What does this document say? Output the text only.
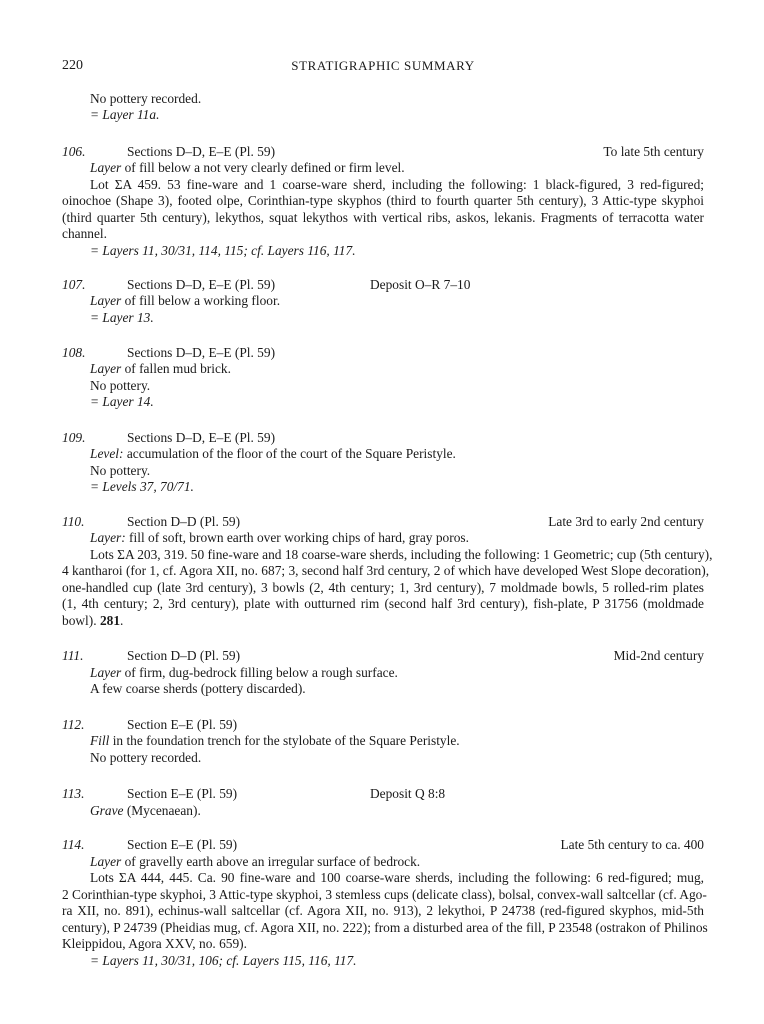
220	STRATIGRAPHIC SUMMARY
No pottery recorded.
= Layer 11a.
106.	Sections D–D, E–E (Pl. 59)	To late 5th century
Layer of fill below a not very clearly defined or firm level.
Lot ΣA 459. 53 fine-ware and 1 coarse-ware sherd, including the following: 1 black-figured, 3 red-figured;
oinochoe (Shape 3), footed olpe, Corinthian-type skyphos (third to fourth quarter 5th century), 3 Attic-type skyphoi
(third quarter 5th century), lekythos, squat lekythos with vertical ribs, askos, lekanis. Fragments of terracotta water
channel.
= Layers 11, 30/31, 114, 115; cf. Layers 116, 117.
107.	Sections D–D, E–E (Pl. 59)	Deposit O–R 7–10
Layer of fill below a working floor.
= Layer 13.
108.	Sections D–D, E–E (Pl. 59)
Layer of fallen mud brick.
No pottery.
= Layer 14.
109.	Sections D–D, E–E (Pl. 59)
Level: accumulation of the floor of the court of the Square Peristyle.
No pottery.
= Levels 37, 70/71.
110.	Section D–D (Pl. 59)	Late 3rd to early 2nd century
Layer: fill of soft, brown earth over working chips of hard, gray poros.
Lots ΣA 203, 319. 50 fine-ware and 18 coarse-ware sherds, including the following: 1 Geometric; cup (5th century),
4 kantharoi (for 1, cf. Agora XII, no. 687; 3, second half 3rd century, 2 of which have developed West Slope decoration),
one-handled cup (late 3rd century), 3 bowls (2, 4th century; 1, 3rd century), 7 moldmade bowls, 5 rolled-rim plates
(1, 4th century; 2, 3rd century), plate with outturned rim (second half 3rd century), fish-plate, P 31756 (moldmade
bowl). 281.
111.	Section D–D (Pl. 59)	Mid-2nd century
Layer of firm, dug-bedrock filling below a rough surface.
A few coarse sherds (pottery discarded).
112.	Section E–E (Pl. 59)
Fill in the foundation trench for the stylobate of the Square Peristyle.
No pottery recorded.
113.	Section E–E (Pl. 59)	Deposit Q 8:8
Grave (Mycenaean).
114.	Section E–E (Pl. 59)	Late 5th century to ca. 400
Layer of gravelly earth above an irregular surface of bedrock.
Lots ΣA 444, 445. Ca. 90 fine-ware and 100 coarse-ware sherds, including the following: 6 red-figured; mug,
2 Corinthian-type skyphoi, 3 Attic-type skyphoi, 3 stemless cups (delicate class), bolsal, convex-wall saltcellar (cf. Ago-
ra XII, no. 891), echinus-wall saltcellar (cf. Agora XII, no. 913), 2 lekythoi, P 24738 (red-figured skyphos, mid-5th
century), P 24739 (Pheidias mug, cf. Agora XII, no. 222); from a disturbed area of the fill, P 23548 (ostrakon of Philinos
Kleippidou, Agora XXV, no. 659).
= Layers 11, 30/31, 106; cf. Layers 115, 116, 117.
